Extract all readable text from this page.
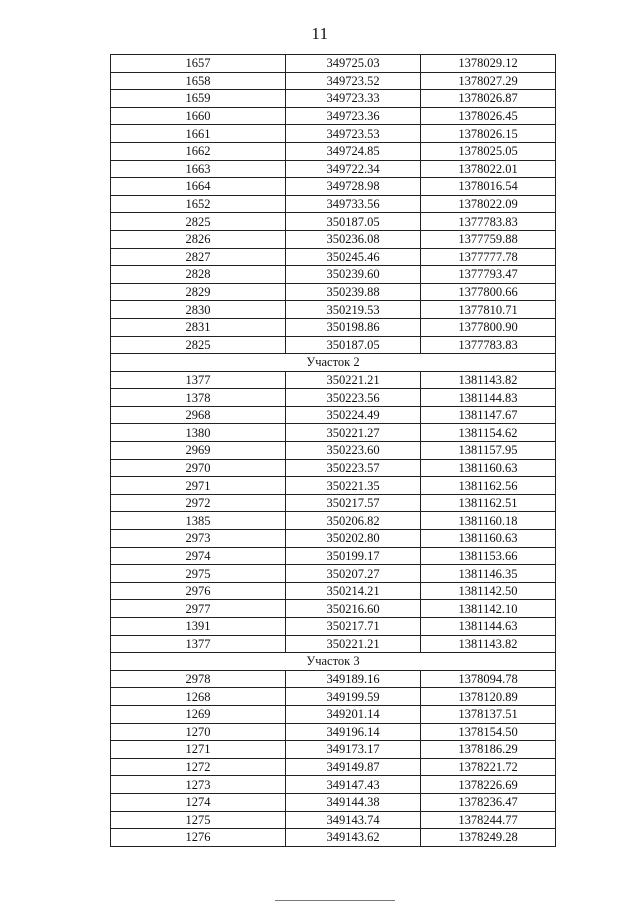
11
1657	349725.03	1378029.12
1658	349723.52	1378027.29
1659	349723.33	1378026.87
1660	349723.36	1378026.45
1661	349723.53	1378026.15
1662	349724.85	1378025.05
1663	349722.34	1378022.01
1664	349728.98	1378016.54
1652	349733.56	1378022.09
2825	350187.05	1377783.83
2826	350236.08	1377759.88
2827	350245.46	1377777.78
2828	350239.60	1377793.47
2829	350239.88	1377800.66
2830	350219.53	1377810.71
2831	350198.86	1377800.90
2825	350187.05	1377783.83
Участок 2		
1377	350221.21	1381143.82
1378	350223.56	1381144.83
2968	350224.49	1381147.67
1380	350221.27	1381154.62
2969	350223.60	1381157.95
2970	350223.57	1381160.63
2971	350221.35	1381162.56
2972	350217.57	1381162.51
1385	350206.82	1381160.18
2973	350202.80	1381160.63
2974	350199.17	1381153.66
2975	350207.27	1381146.35
2976	350214.21	1381142.50
2977	350216.60	1381142.10
1391	350217.71	1381144.63
1377	350221.21	1381143.82
Участок 3		
2978	349189.16	1378094.78
1268	349199.59	1378120.89
1269	349201.14	1378137.51
1270	349196.14	1378154.50
1271	349173.17	1378186.29
1272	349149.87	1378221.72
1273	349147.43	1378226.69
1274	349144.38	1378236.47
1275	349143.74	1378244.77
1276	349143.62	1378249.28
